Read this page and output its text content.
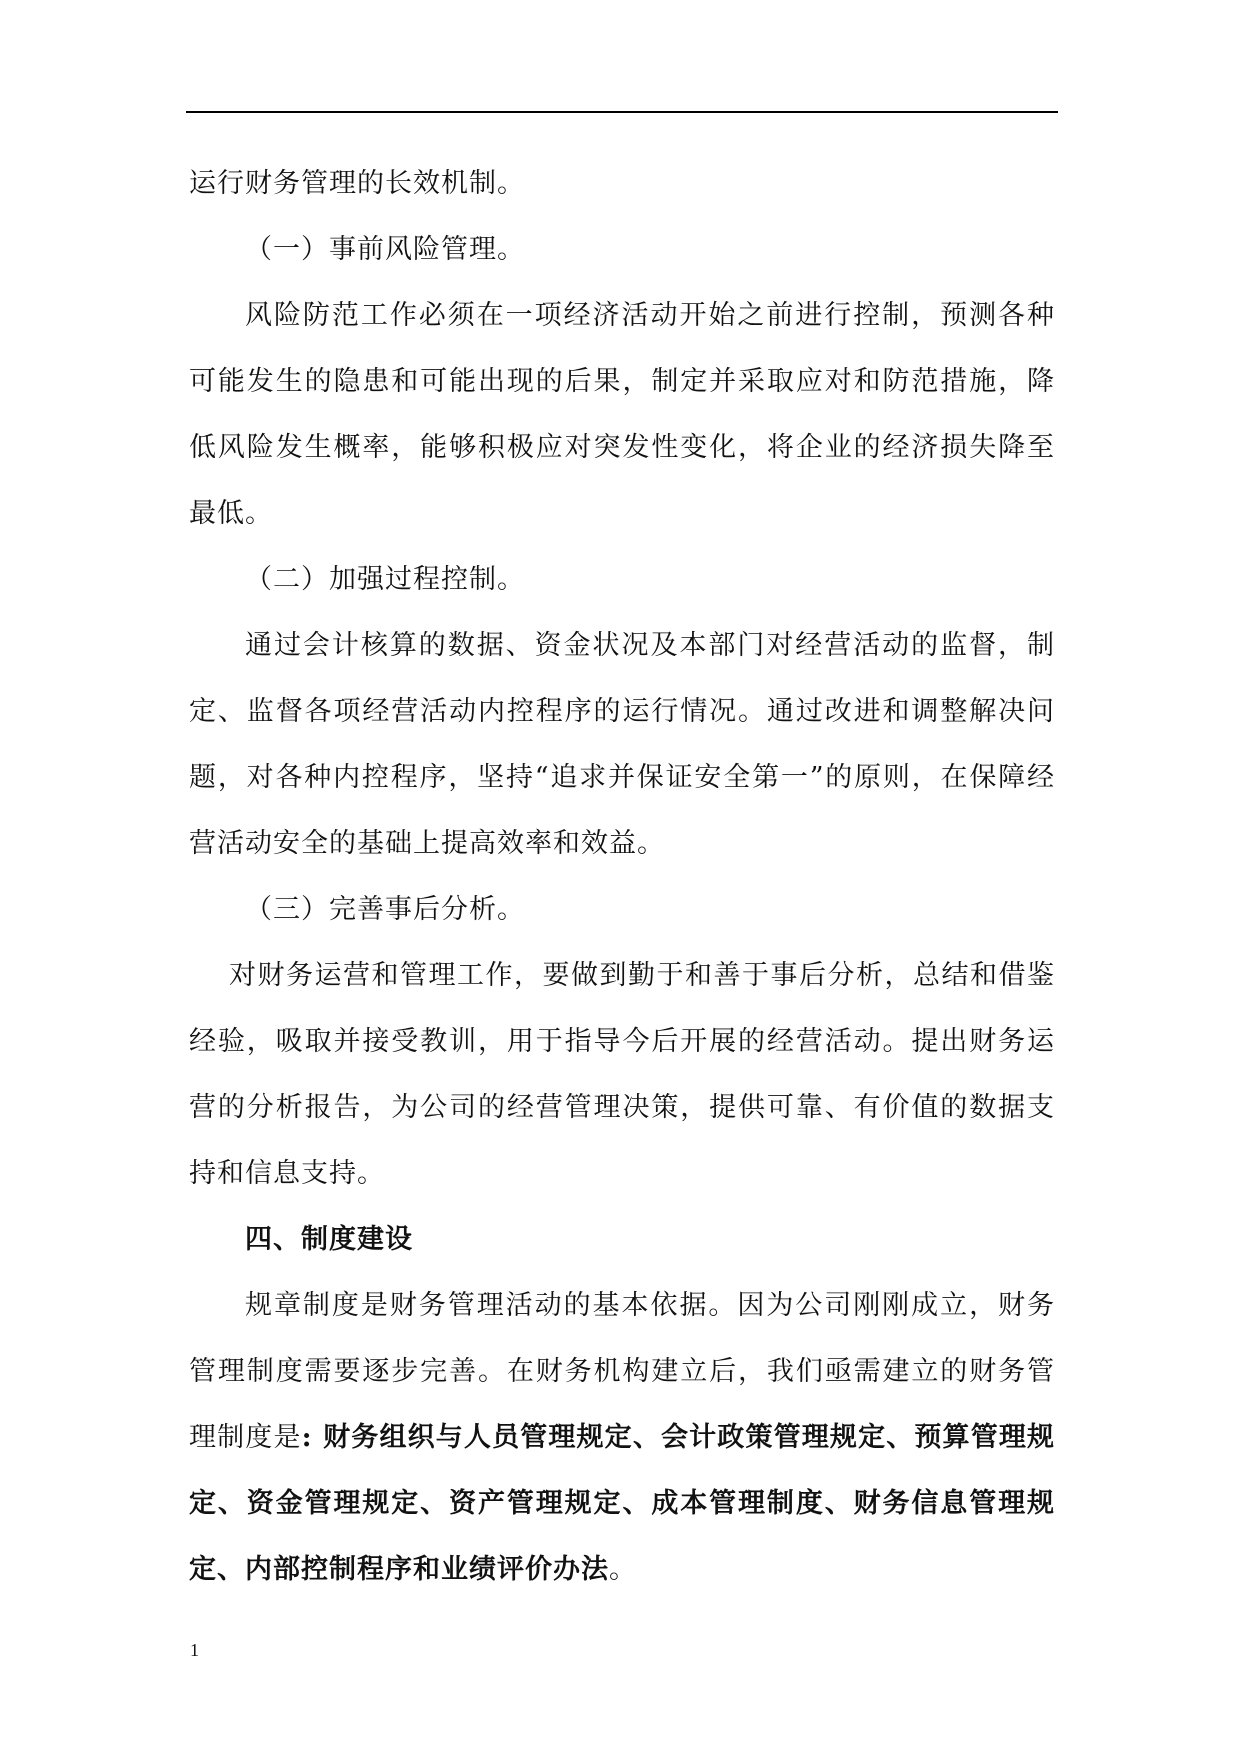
运行财务管理的长效机制。

（一）事前风险管理。

风险防范工作必须在一项经济活动开始之前进行控制，预测各种可能发生的隐患和可能出现的后果，制定并采取应对和防范措施，降低风险发生概率，能够积极应对突发性变化，将企业的经济损失降至最低。

（二）加强过程控制。

通过会计核算的数据、资金状况及本部门对经营活动的监督，制定、监督各项经营活动内控程序的运行情况。通过改进和调整解决问题，对各种内控程序，坚持“追求并保证安全第一”的原则，在保障经营活动安全的基础上提高效率和效益。

（三）完善事后分析。

对财务运营和管理工作，要做到勤于和善于事后分析，总结和借鉴经验，吸取并接受教训，用于指导今后开展的经营活动。提出财务运营的分析报告，为公司的经营管理决策，提供可靠、有价值的数据支持和信息支持。

四、制度建设

规章制度是财务管理活动的基本依据。因为公司刚刚成立，财务管理制度需要逐步完善。在财务机构建立后，我们亟需建立的财务管理制度是: 财务组织与人员管理规定、会计政策管理规定、预算管理规定、资金管理规定、资产管理规定、成本管理制度、财务信息管理规定、内部控制程序和业绩评价办法。

1
